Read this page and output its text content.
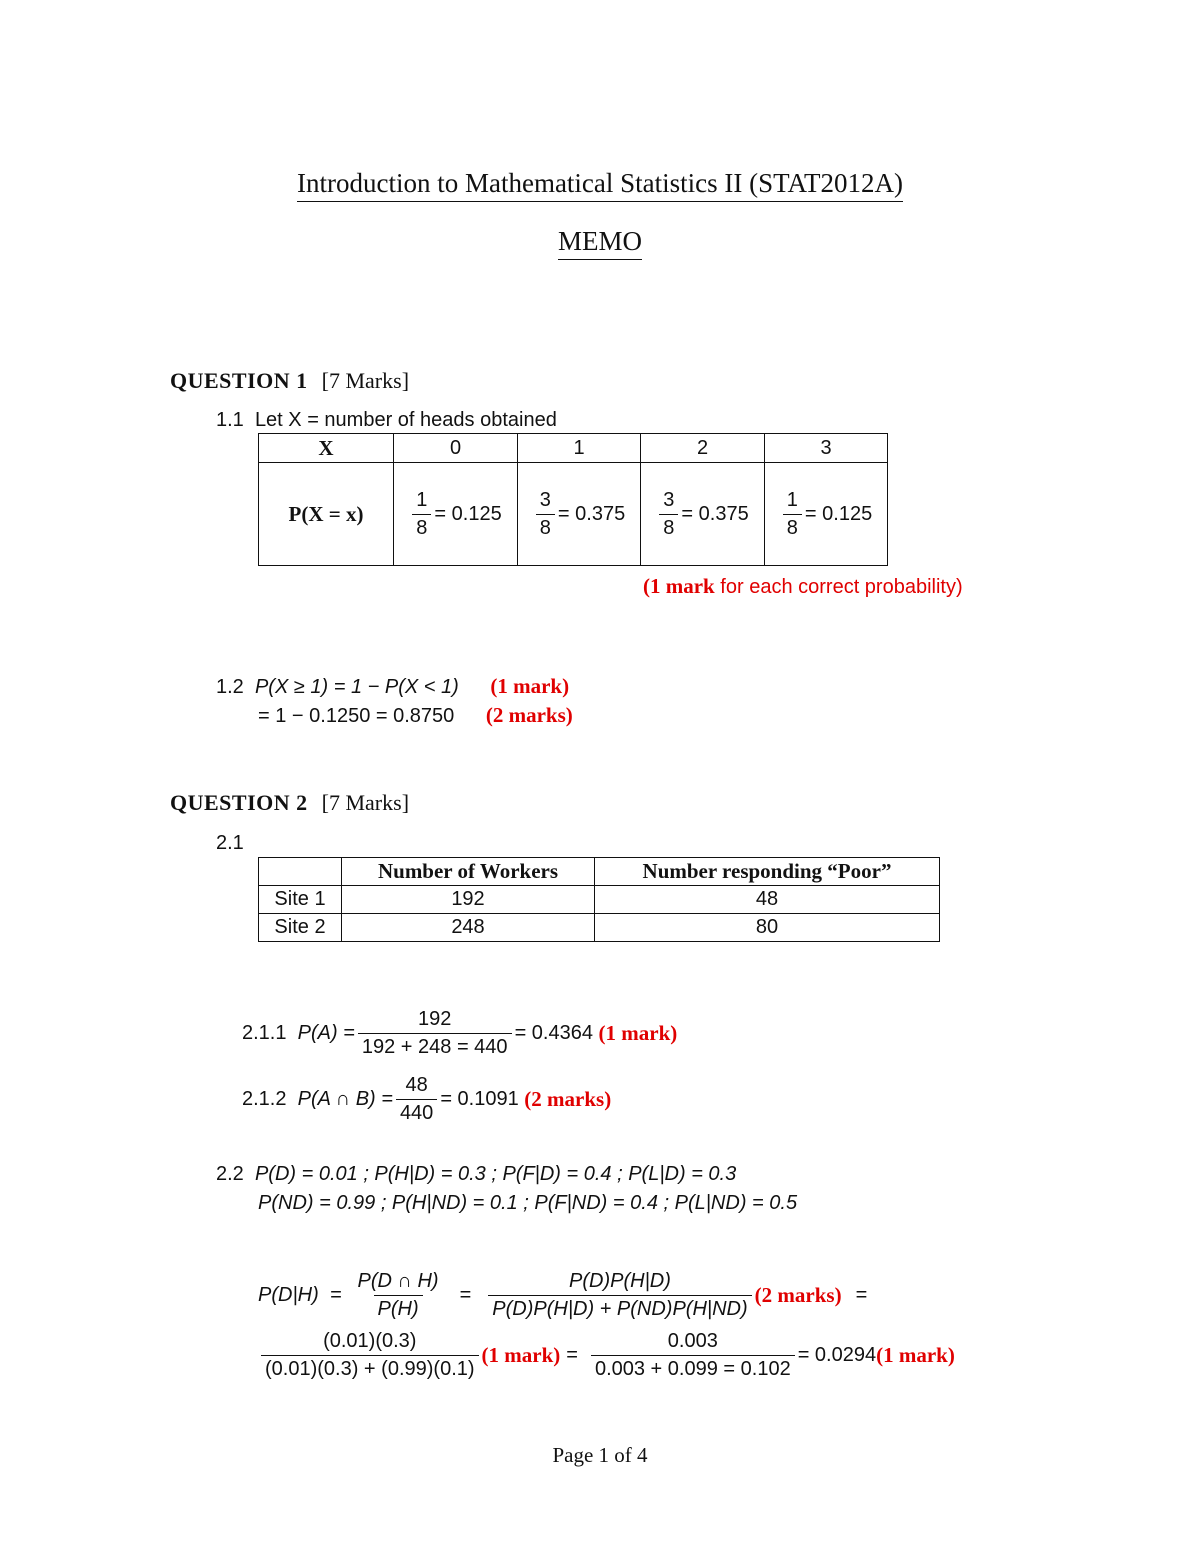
Introduction to Mathematical Statistics II (STAT2012A)
MEMO
QUESTION 1 [7 Marks]
1.1 Let X = number of heads obtained
X	0	1	2	3
P(X = x)	$\frac{1}{8} = 0.125$	$\frac{3}{8} = 0.375$	$\frac{3}{8} = 0.375$	$\frac{1}{8} = 0.125$
(1 mark for each correct probability)
1.2 P(X ≥ 1) = 1 − P(X < 1) (1 mark)
= 1 − 0.1250 = 0.8750 (2 marks)
QUESTION 2 [7 Marks]
2.1
	Number of Workers	Number responding “Poor”
Site 1	192	48
Site 2	248	80
2.1.1
$P(A) = \frac{192}{192 + 248 = 440} = 0.4364$
(1 mark)
2.1.2
P(A ∩ $B) = \frac{48}{440} = 0.1091$
(2 marks)
2.2 P(D) = 0.01 ; P(H|D) = 0.3 ; P(F|D) = 0.4 ; P(L|D) = 0.3
P(ND) = 0.99 ; P(H|ND) = 0.1 ; P(F|ND) = 0.4 ; P(L|ND) = 0.5
$P(D|H) = \frac{P(D \cap H)}{P(H)} = \frac{P(D)P(H|D)}{P(D)P(H|D) + P(ND)P(H|ND)} (2$ marks) =
$\frac{(0.01)(0.3)}{(0.01)(0.3) + (0.99)(0.1)} (1$ mark) = $\frac{0.003}{0.003 + 0.099 = 0.102} = 0.0294$ (1 mark)
Page 1 of 4
